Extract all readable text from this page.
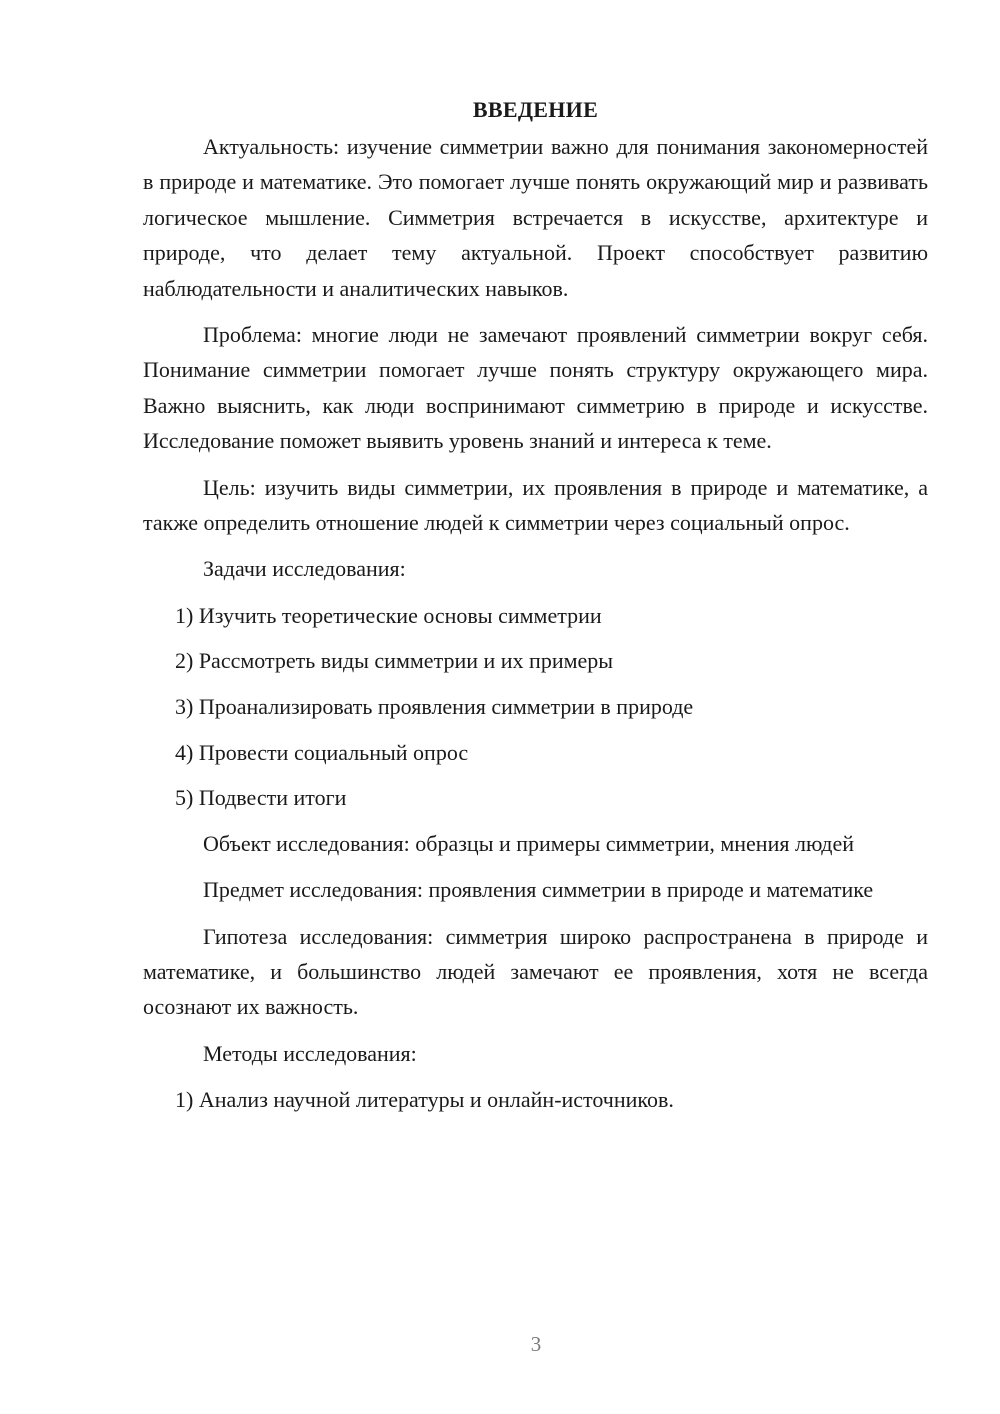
ВВЕДЕНИЕ

Актуальность: изучение симметрии важно для понимания закономерностей в природе и математике. Это помогает лучше понять окружающий мир и развивать логическое мышление. Симметрия встречается в искусстве, архитектуре и природе, что делает тему актуальной. Проект способствует развитию наблюдательности и аналитических навыков.

Проблема: многие люди не замечают проявлений симметрии вокруг себя. Понимание симметрии помогает лучше понять структуру окружающего мира. Важно выяснить, как люди воспринимают симметрию в природе и искусстве. Исследование поможет выявить уровень знаний и интереса к теме.

Цель: изучить виды симметрии, их проявления в природе и математике, а также определить отношение людей к симметрии через социальный опрос.

Задачи исследования:

1) Изучить теоретические основы симметрии
2) Рассмотреть виды симметрии и их примеры
3) Проанализировать проявления симметрии в природе
4) Провести социальный опрос
5) Подвести итоги

Объект исследования: образцы и примеры симметрии, мнения людей

Предмет исследования: проявления симметрии в природе и математике

Гипотеза исследования: симметрия широко распространена в природе и математике, и большинство людей замечают ее проявления, хотя не всегда осознают их важность.

Методы исследования:

1) Анализ научной литературы и онлайн-источников.
3
